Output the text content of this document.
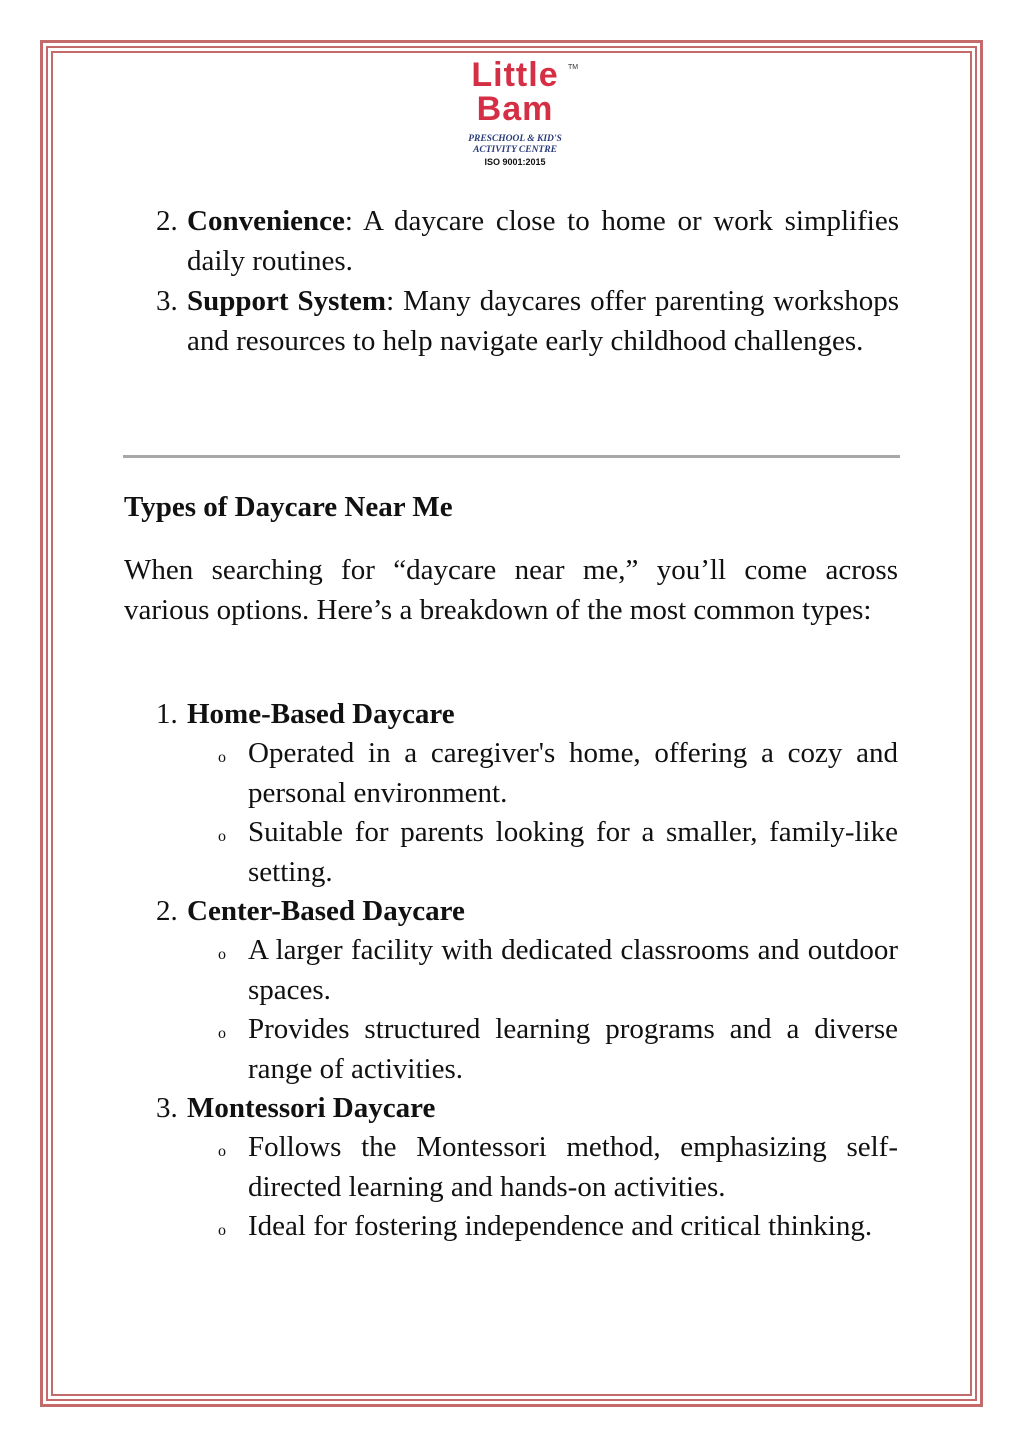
Little	TM
Bam
PRESCHOOL & KID'S
ACTIVITY CENTRE
ISO 9001:2015
2. Convenience: A daycare close to home or work simplifies daily routines.
3. Support System: Many daycares offer parenting workshops and resources to help navigate early childhood challenges.
Types of Daycare Near Me
When searching for “daycare near me,” you’ll come across various options. Here’s a breakdown of the most common types:
1. Home-Based Daycare
o Operated in a caregiver's home, offering a cozy and personal environment.
o Suitable for parents looking for a smaller, family-like setting.
2. Center-Based Daycare
o A larger facility with dedicated classrooms and outdoor spaces.
o Provides structured learning programs and a diverse range of activities.
3. Montessori Daycare
o Follows the Montessori method, emphasizing self-directed learning and hands-on activities.
o Ideal for fostering independence and critical thinking.
